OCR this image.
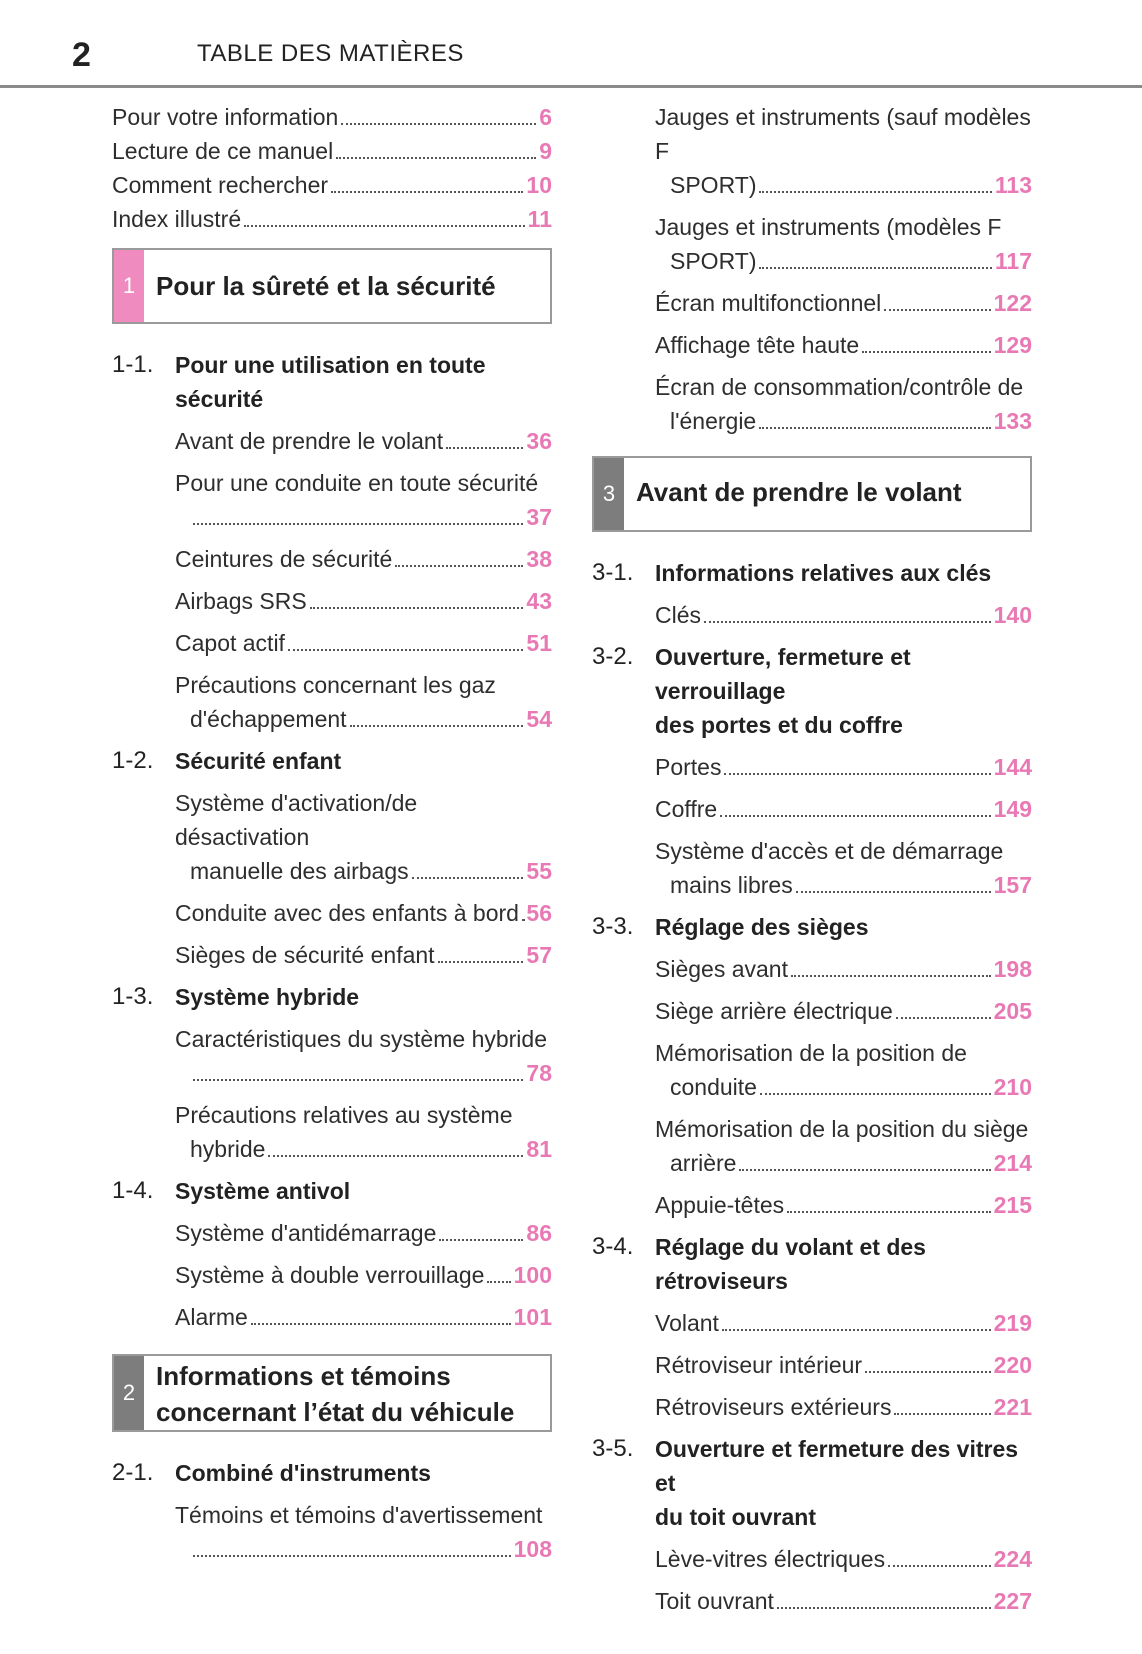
2	TABLE DES MATIÈRES
Pour votre information	6
Lecture de ce manuel	9
Comment rechercher	10
Index illustré	11
1 Pour la sûreté et la sécurité
1-1. Pour une utilisation en toute sécurité
Avant de prendre le volant	36
Pour une conduite en toute sécurité
37
Ceintures de sécurité	38
Airbags SRS	43
Capot actif	51
Précautions concernant les gaz
d'échappement	54
1-2. Sécurité enfant
Système d'activation/de désactivation
manuelle des airbags	55
Conduite avec des enfants à bord 56
Sièges de sécurité enfant	57
1-3. Système hybride
Caractéristiques du système hybride
78
Précautions relatives au système
hybride	81
1-4. Système antivol
Système d'antidémarrage	86
Système à double verrouillage 100
Alarme	101
2
Informations et témoins
concernant l’état du véhicule
2-1. Combiné d'instruments
Témoins et témoins d'avertissement
108
Jauges et instruments (sauf modèles F
SPORT)	113
Jauges et instruments (modèles F
SPORT)	117
Écran multifonctionnel	122
Affichage tête haute	129
Écran de consommation/contrôle de
l'énergie	133
3 Avant de prendre le volant
3-1. Informations relatives aux clés
Clés	140
3-2. Ouverture, fermeture et verrouillage
des portes et du coffre
Portes	144
Coffre	149
Système d'accès et de démarrage
mains libres	157
3-3. Réglage des sièges
Sièges avant	198
Siège arrière électrique	205
Mémorisation de la position de
conduite	210
Mémorisation de la position du siège
arrière	214
Appuie-têtes	215
3-4. Réglage du volant et des rétroviseurs
Volant	219
Rétroviseur intérieur	220
Rétroviseurs extérieurs	221
3-5. Ouverture et fermeture des vitres et
du toit ouvrant
Lève-vitres électriques	224
Toit ouvrant	227
